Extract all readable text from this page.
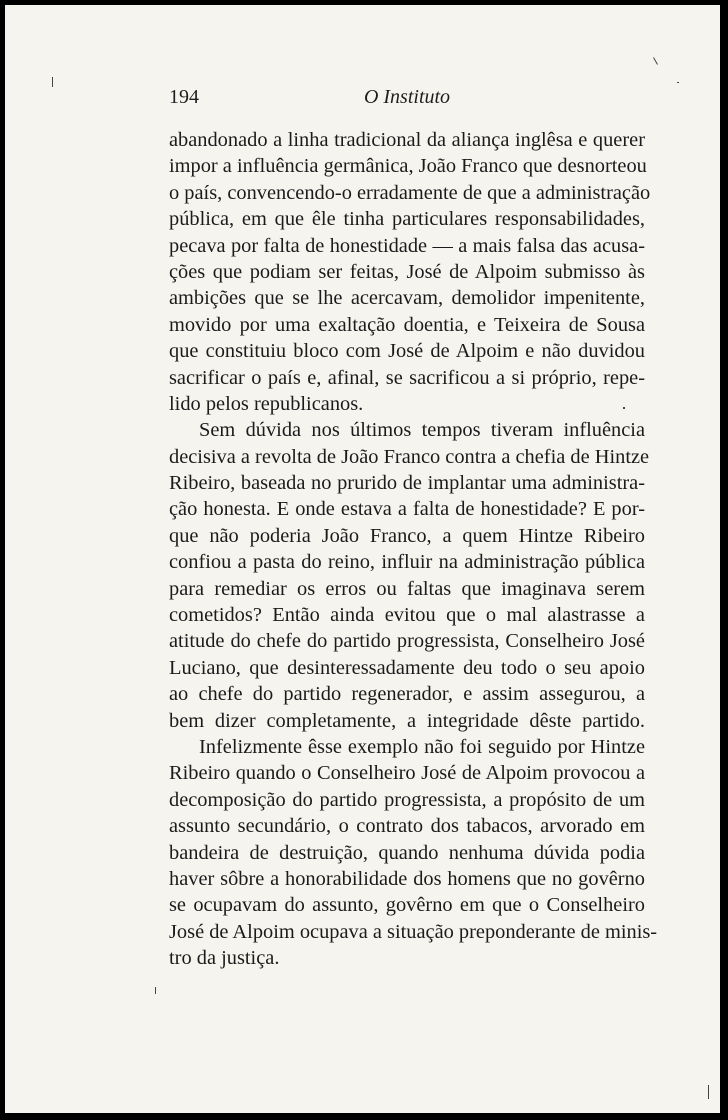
194	O Instituto
abandonado a linha tradicional da aliança inglêsa e querer
impor a influência germânica, João Franco que desnorteou
o país, convencendo-o erradamente de que a administração
pública, em que êle tinha particulares responsabilidades,
pecava por falta de honestidade — a mais falsa das acusa-
ções que podiam ser feitas, José de Alpoim submisso às
ambições que se lhe acercavam, demolidor impenitente,
movido por uma exaltação doentia, e Teixeira de Sousa
que constituiu bloco com José de Alpoim e não duvidou
sacrificar o país e, afinal, se sacrificou a si próprio, repe-
lido pelos republicanos.
Sem dúvida nos últimos tempos tiveram influência
decisiva a revolta de João Franco contra a chefia de Hintze
Ribeiro, baseada no prurido de implantar uma administra-
ção honesta. E onde estava a falta de honestidade? E por-
que não poderia João Franco, a quem Hintze Ribeiro
confiou a pasta do reino, influir na administração pública
para remediar os erros ou faltas que imaginava serem
cometidos? Então ainda evitou que o mal alastrasse a
atitude do chefe do partido progressista, Conselheiro José
Luciano, que desinteressadamente deu todo o seu apoio
ao chefe do partido regenerador, e assim assegurou, a
bem dizer completamente, a integridade dêste partido.
Infelizmente êsse exemplo não foi seguido por Hintze
Ribeiro quando o Conselheiro José de Alpoim provocou a
decomposição do partido progressista, a propósito de um
assunto secundário, o contrato dos tabacos, arvorado em
bandeira de destruição, quando nenhuma dúvida podia
haver sôbre a honorabilidade dos homens que no govêrno
se ocupavam do assunto, govêrno em que o Conselheiro
José de Alpoim ocupava a situação preponderante de minis-
tro da justiça.
